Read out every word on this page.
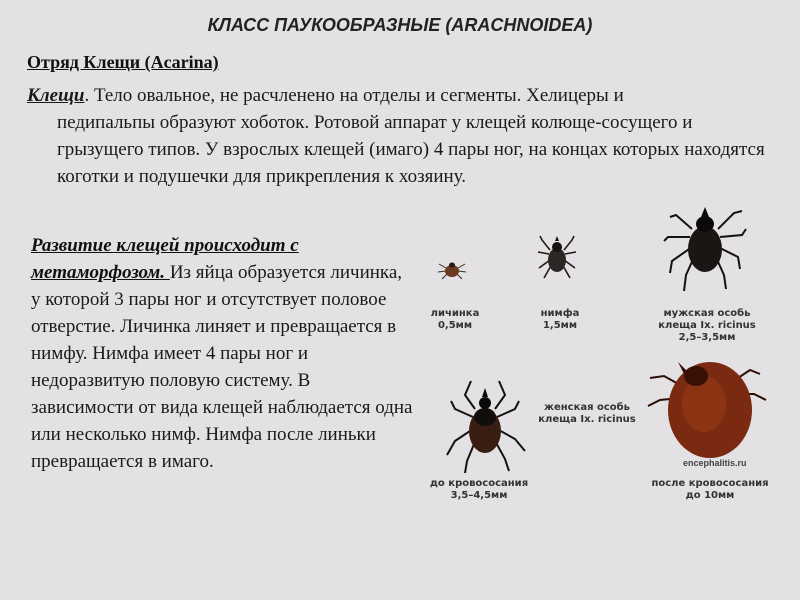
КЛАСС ПАУКООБРАЗНЫЕ (ARACHNOIDEA)
Отряд Клещи (Acarina)

Клещи. Тело овальное, не расчленено на отделы и сегменты. Хелицеры и
педипальпы образуют хоботок. Ротовой аппарат у клещей колюще-сосущего и грызущего типов. У взрослых клещей (имаго) 4 пары ног, на концах которых находятся коготки и подушечки для прикрепления к хозяину.

Развитие клещей происходит с метаморфозом. Из яйца образуется личинка, у которой 3 пары ног и отсутствует половое отверстие. Личинка линяет и превращается в нимфу. Нимфа имеет 4 пары ног и недоразвитую половую систему. В зависимости от вида клещей наблюдается одна или несколько нимф. Нимфа после линьки превращается в имаго.

личинка
0,5мм
нимфа
1,5мм
мужская особь
клеща Ix. ricinus
2,5–3,5мм
женская особь
клеща Ix. ricinus
до кровососания
3,5–4,5мм
после кровососания
до 10мм
encephalitis.ru
